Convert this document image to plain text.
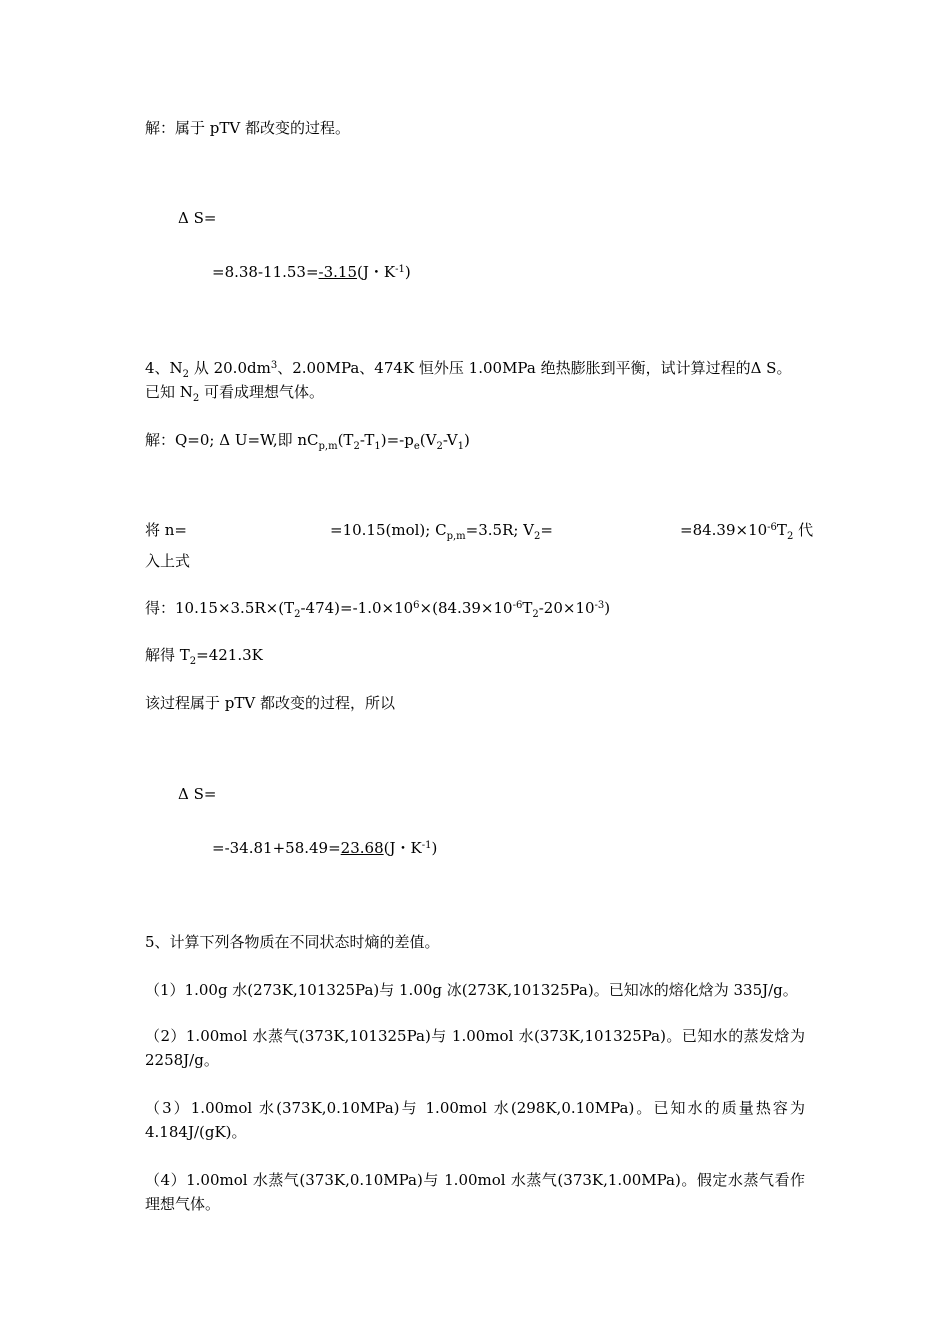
解：属于 pTV 都改变的过程。
Δ S=
=8.38-11.53=-3.15(J・$K^{-1}$)
4、$N_2$ 从 $20.0dm^3$、2.00MPa、474K 恒外压 1.00MPa 绝热膨胀到平衡，试计算过程的Δ S。
已知 $N_2$ 可看成理想气体。
解：Q=0; Δ U=W,即 $nC_{p,m}(T_2-T_1)=-p_e(V_2-V_1)$
将 n=	=10.15(mol); $C_{p,m}=3.5R$; $V_2=$	$=84.39\times 10^{-6}T_2$ 代
入上式
得：$10.15\times 3.5R\times(T_2-474)=-1.0\times 10^6\times(84.39\times 10^{-6}T_2-20\times 10^{-3})$
解得 $T_2=421.3K$
该过程属于 pTV 都改变的过程，所以
Δ S=
=-34.81+58.49=23.68(J・$K^{-1}$)
5、计算下列各物质在不同状态时熵的差值。
（1）1.00g 水(273K,101325Pa)与 1.00g 冰(273K,101325Pa)。已知冰的熔化焓为 335J/g。
（2）1.00mol 水蒸气(373K,101325Pa)与 1.00mol 水(373K,101325Pa)。已知水的蒸发焓为
2258J/g。
（3）1.00mol 水(373K,0.10MPa)与 1.00mol 水(298K,0.10MPa)。已知水的质量热容为
4.184J/(gK)。
（4）1.00mol 水蒸气(373K,0.10MPa)与 1.00mol 水蒸气(373K,1.00MPa)。假定水蒸气看作
理想气体。
